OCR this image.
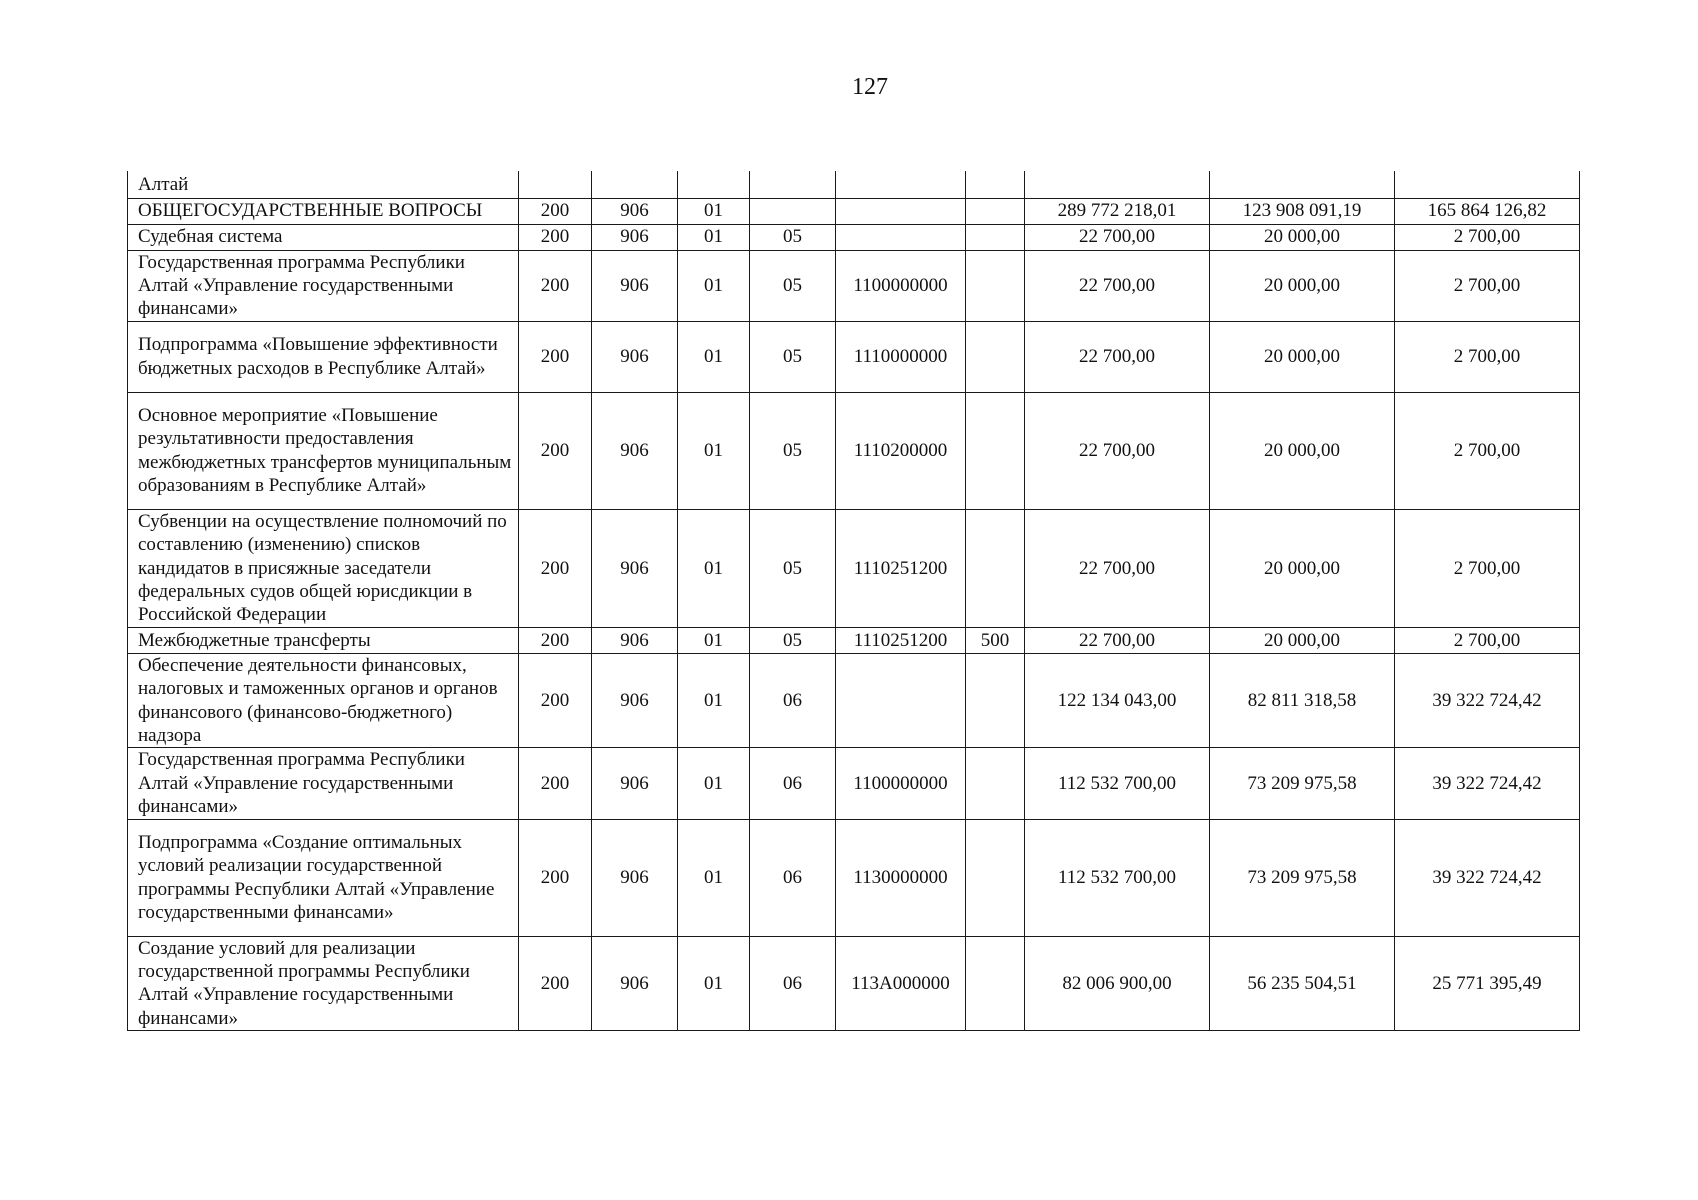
127
Алтай									
ОБЩЕГОСУДАРСТВЕННЫЕ ВОПРОСЫ	200	906	01				289 772 218,01	123 908 091,19	165 864 126,82
Судебная система	200	906	01	05			22 700,00	20 000,00	2 700,00
Государственная программа Республики Алтай «Управление государственными финансами»	200	906	01	05	1100000000		22 700,00	20 000,00	2 700,00
Подпрограмма «Повышение эффективности бюджетных расходов в Республике Алтай»	200	906	01	05	1110000000		22 700,00	20 000,00	2 700,00
Основное мероприятие «Повышение результативности предоставления межбюджетных трансфертов муниципальным образованиям в Республике Алтай»	200	906	01	05	1110200000		22 700,00	20 000,00	2 700,00
Субвенции на осуществление полномочий по составлению (изменению) списков кандидатов в присяжные заседатели федеральных судов общей юрисдикции в Российской Федерации	200	906	01	05	1110251200		22 700,00	20 000,00	2 700,00
Межбюджетные трансферты	200	906	01	05	1110251200	500	22 700,00	20 000,00	2 700,00
Обеспечение деятельности финансовых, налоговых и таможенных органов и органов финансового (финансово-бюджетного) надзора	200	906	01	06			122 134 043,00	82 811 318,58	39 322 724,42
Государственная программа Республики Алтай «Управление государственными финансами»	200	906	01	06	1100000000		112 532 700,00	73 209 975,58	39 322 724,42
Подпрограмма «Создание оптимальных условий реализации государственной программы Республики Алтай «Управление государственными финансами»	200	906	01	06	1130000000		112 532 700,00	73 209 975,58	39 322 724,42
Создание условий для реализации государственной программы Республики Алтай «Управление государственными финансами»	200	906	01	06	113А000000		82 006 900,00	56 235 504,51	25 771 395,49
